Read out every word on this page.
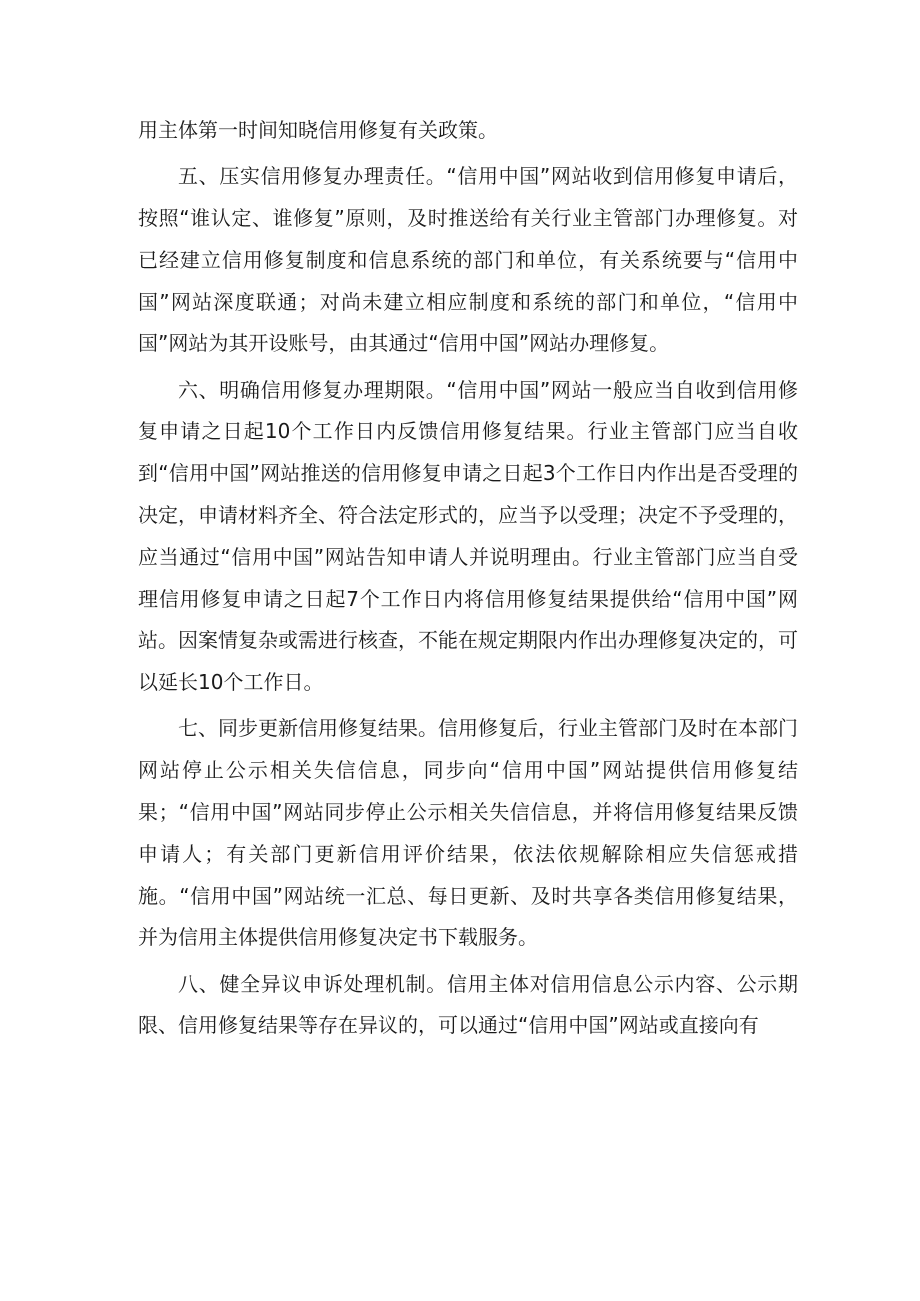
用主体第一时间知晓信用修复有关政策。

五、压实信用修复办理责任。“信用中国”网站收到信用修复申请后，按照“谁认定、谁修复”原则，及时推送给有关行业主管部门办理修复。对已经建立信用修复制度和信息系统的部门和单位，有关系统要与“信用中国”网站深度联通；对尚未建立相应制度和系统的部门和单位，“信用中国”网站为其开设账号，由其通过“信用中国”网站办理修复。

六、明确信用修复办理期限。“信用中国”网站一般应当自收到信用修复申请之日起10个工作日内反馈信用修复结果。行业主管部门应当自收到“信用中国”网站推送的信用修复申请之日起3个工作日内作出是否受理的决定，申请材料齐全、符合法定形式的，应当予以受理；决定不予受理的，应当通过“信用中国”网站告知申请人并说明理由。行业主管部门应当自受理信用修复申请之日起7个工作日内将信用修复结果提供给“信用中国”网站。因案情复杂或需进行核查，不能在规定期限内作出办理修复决定的，可以延长10个工作日。

七、同步更新信用修复结果。信用修复后，行业主管部门及时在本部门网站停止公示相关失信信息，同步向“信用中国”网站提供信用修复结果；“信用中国”网站同步停止公示相关失信信息，并将信用修复结果反馈申请人；有关部门更新信用评价结果，依法依规解除相应失信惩戒措施。“信用中国”网站统一汇总、每日更新、及时共享各类信用修复结果，并为信用主体提供信用修复决定书下载服务。

八、健全异议申诉处理机制。信用主体对信用信息公示内容、公示期限、信用修复结果等存在异议的，可以通过“信用中国”网站或直接向有
